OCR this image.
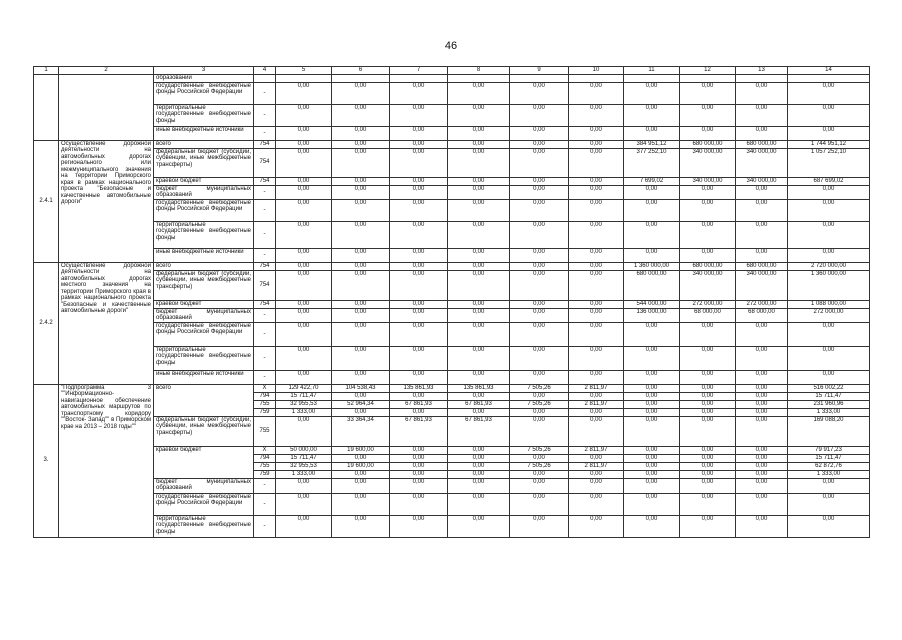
46
1	2	3	4	5	6	7	8	9	10	11	12	13	14
		образований											
		государственные внебюджетные фонды Российской Федерации	-	0,00	0,00	0,00	0,00	0,00	0,00	0,00	0,00	0,00	0,00
		территориальные государственные внебюджетные фонды	-	0,00	0,00	0,00	0,00	0,00	0,00	0,00	0,00	0,00	0,00
		иные внебюджетные источники	-	0,00	0,00	0,00	0,00	0,00	0,00	0,00	0,00	0,00	0,00
2.4.1	Осуществление дорожной деятельности на автомобильных дорогах регионального или межмуниципального значения на территории Приморского края в рамках национального проекта "Безопасные и качественные автомобильные дороги"	всего	754	0,00	0,00	0,00	0,00	0,00	0,00	384 951,12	680 000,00	680 000,00	1 744 951,12
		федеральный бюджет (субсидии, субвенции, иные межбюджетные трансферты)	754	0,00	0,00	0,00	0,00	0,00	0,00	377 252,10	340 000,00	340 000,00	1 057 252,10
		краевой бюджет	754	0,00	0,00	0,00	0,00	0,00	0,00	7 699,02	340 000,00	340 000,00	687 699,02
		бюджет муниципальных образований	-	0,00	0,00	0,00	0,00	0,00	0,00	0,00	0,00	0,00	0,00
		государственные внебюджетные фонды Российской Федерации	-	0,00	0,00	0,00	0,00	0,00	0,00	0,00	0,00	0,00	0,00
		территориальные государственные внебюджетные фонды	-	0,00	0,00	0,00	0,00	0,00	0,00	0,00	0,00	0,00	0,00
		иные внебюджетные источники	-	0,00	0,00	0,00	0,00	0,00	0,00	0,00	0,00	0,00	0,00
2.4.2	Осуществление дорожной деятельности на автомобильных дорогах местного значения на территории Приморского края в рамках национального проекта "Безопасные и качественные автомобильные дороги"	всего	754	0,00	0,00	0,00	0,00	0,00	0,00	1 360 000,00	680 000,00	680 000,00	2 720 000,00
		федеральный бюджет (субсидии, субвенции, иные межбюджетные трансферты)	754	0,00	0,00	0,00	0,00	0,00	0,00	680 000,00	340 000,00	340 000,00	1 360 000,00
		краевой бюджет	754	0,00	0,00	0,00	0,00	0,00	0,00	544 000,00	272 000,00	272 000,00	1 088 000,00
		бюджет муниципальных образований	-	0,00	0,00	0,00	0,00	0,00	0,00	136 000,00	68 000,00	68 000,00	272 000,00
		государственные внебюджетные фонды Российской Федерации	-	0,00	0,00	0,00	0,00	0,00	0,00	0,00	0,00	0,00	0,00
		территориальные государственные внебюджетные фонды	-	0,00	0,00	0,00	0,00	0,00	0,00	0,00	0,00	0,00	0,00
		иные внебюджетные источники	-	0,00	0,00	0,00	0,00	0,00	0,00	0,00	0,00	0,00	0,00
3.	"Подпрограмма 3 ""Информационно-навигационное обеспечение автомобильных маршрутов по транспортному коридору ""Восток- Запад"" в Приморском крае на 2013 – 2018 годы""	всего	X	129 422,70	104 538,43	135 861,93	135 861,93	7 505,26	2 811,97	0,00	0,00	0,00	516 002,22
			794	15 711,47	0,00	0,00	0,00	0,00	0,00	0,00	0,00	0,00	15 711,47
			755	32 955,53	52 964,34	67 861,93	67 861,93	7 505,26	2 811,97	0,00	0,00	0,00	231 960,96
			759	1 333,00	0,00	0,00	0,00	0,00	0,00	0,00	0,00	0,00	1 333,00
		федеральный бюджет (субсидии, субвенции, иные межбюджетные трансферты)	755	0,00	33 364,34	67 861,93	67 861,93	0,00	0,00	0,00	0,00	0,00	169 088,20
		краевой бюджет	X	50 000,00	19 600,00	0,00	0,00	7 505,26	2 811,97	0,00	0,00	0,00	79 917,23
			794	15 711,47	0,00	0,00	0,00	0,00	0,00	0,00	0,00	0,00	15 711,47
			755	32 955,53	19 600,00	0,00	0,00	7 505,26	2 811,97	0,00	0,00	0,00	62 872,76
			759	1 333,00	0,00	0,00	0,00	0,00	0,00	0,00	0,00	0,00	1 333,00
		бюджет муниципальных образований	-	0,00	0,00	0,00	0,00	0,00	0,00	0,00	0,00	0,00	0,00
		государственные внебюджетные фонды Российской Федерации	-	0,00	0,00	0,00	0,00	0,00	0,00	0,00	0,00	0,00	0,00
		территориальные государственные внебюджетные фонды	-	0,00	0,00	0,00	0,00	0,00	0,00	0,00	0,00	0,00	0,00
